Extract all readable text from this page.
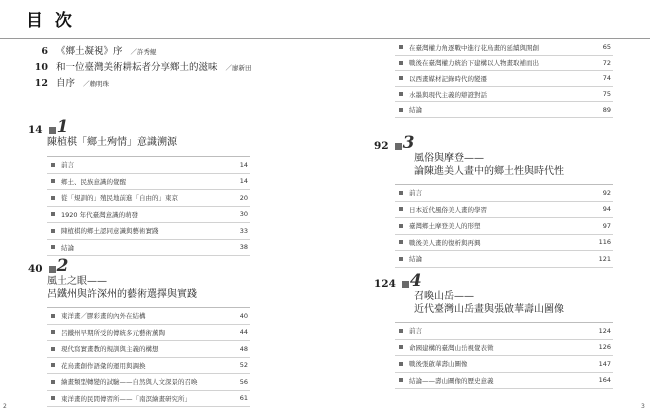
目 次
6 《鄉土凝視》序 ／許秀鯤
10 和一位臺灣美術耕耘者分享鄉土的滋味 ／廖新田
12 自序 ／賴明珠
在臺灣權力角逐戰中進行花鳥畫的延續與開創	65
戰後在臺灣權力統治下建構以人物畫取補而出	72
以西畫媒材記錄時代的變遷	74
水墨與現代主義的辯證對話	75
結論	89
14 1
陳植棋「鄉土殉情」意識溯源
前言	14
鄉土、民族意識的覺醒	14
從「規訓的」殖民地前進「自由的」東京	20
1920 年代臺灣意識的萌發	30
陳植棋的鄉土認同意識與藝術實踐	33
結論	38
40 2
風土之眼——
呂鐵州與許深州的藝術選擇與實踐
東洋畫／膠彩畫的內外在結構	40
呂鐵州早期所受的傳統多元藝術薰陶	44
現代寫實畫教的規訓與主義的構想	48
花鳥畫創作語彙的運用與調換	52
繪畫類型轉變的試驗——自然與人文深景的召喚	56
東洋畫的民間傳習所——「南溟繪畫研究所」	61
92 3
風俗與摩登——
論陳進美人畫中的鄉土性與時代性
前言	92
日本近代風俗美人畫的學習	94
臺灣鄉土摩登美人的形塑	97
戰後美人畫的復析與再興	116
結論	121
124 4
召喚山岳——
近代臺灣山岳畫與張啟華壽山圖像
前言	124
命國建構的臺灣山岳視覺表徵	126
戰後張啟華壽山圖像	147
結論——壽山圖像的歷史意義	164
2	3
